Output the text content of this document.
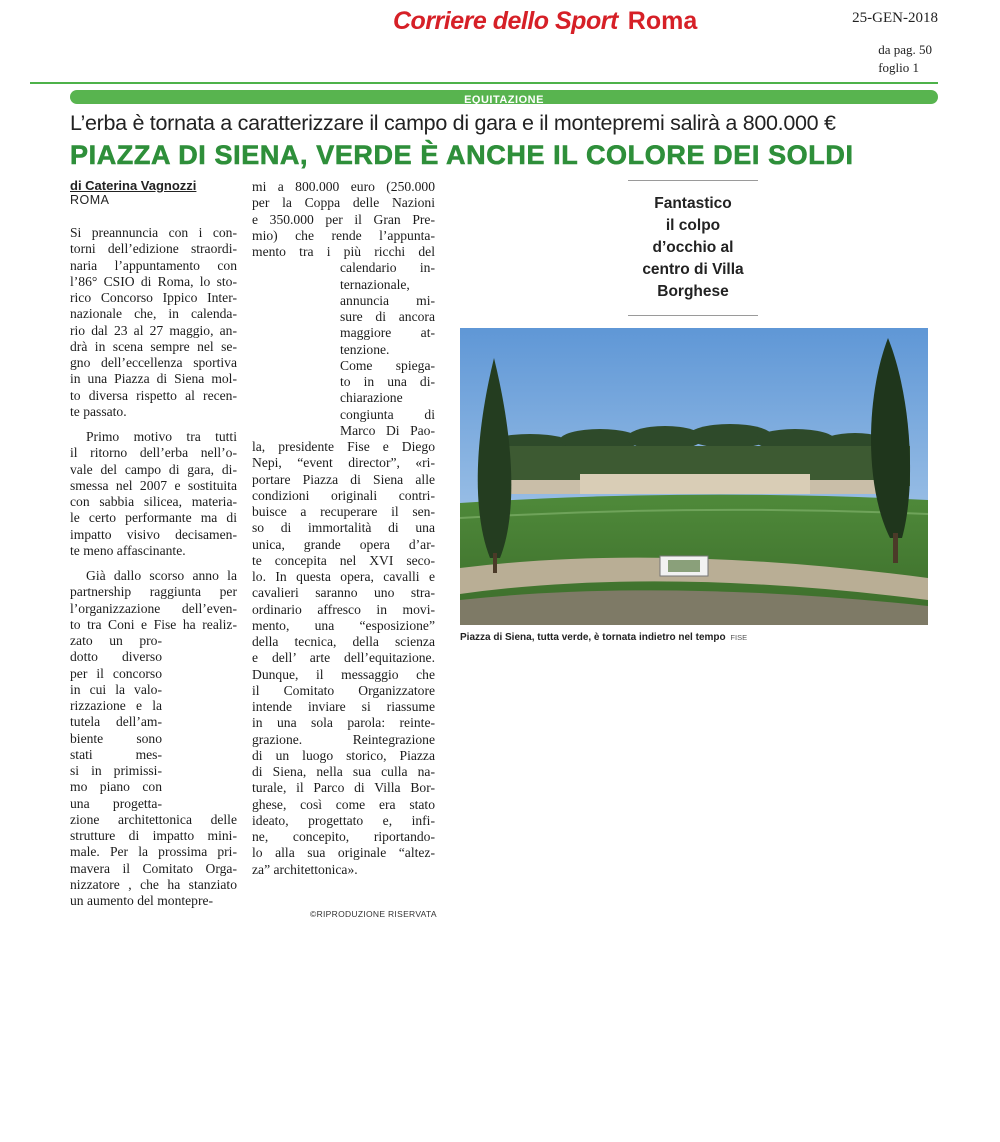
Corriere dello Sport Roma	25-GEN-2018
da pag. 50
foglio 1
EQUITAZIONE
L’erba è tornata a caratterizzare il campo di gara e il montepremi salirà a 800.000 €
PIAZZA DI SIENA, VERDE È ANCHE IL COLORE DEI SOLDI
di Caterina Vagnozzi
ROMA

Si preannuncia con i con-

torni dell’edizione straordi-

naria l’appuntamento con

l’86° CSIO di Roma, lo sto-

rico Concorso Ippico Inter-

nazionale che, in calenda-

rio dal 23 al 27 maggio, an-

drà in scena sempre nel se-

gno dell’eccellenza sportiva

in una Piazza di Siena mol-

to diversa rispetto al recen-

te passato.

Primo motivo tra tutti

il ritorno dell’erba nell’o-

vale del campo di gara, di-

smessa nel 2007 e sostituita

con sabbia silicea, materia-

le certo performante ma di

impatto visivo decisamen-

te meno affascinante.

Già dallo scorso anno la

partnership raggiunta per

l’organizzazione dell’even-

to tra Coni e Fise ha realiz-

zato un pro-

dotto diverso

per il concorso

in cui la valo-

rizzazione e la

tutela dell’am-

biente sono

stati mes-

si in primissi-

mo piano con

una progetta-

zione architettonica delle

strutture di impatto mini-

male. Per la prossima pri-

mavera il Comitato Orga-

nizzatore , che ha stanziato

un aumento del montepre-

mi a 800.000 euro (250.000

per la Coppa delle Nazioni

e 350.000 per il Gran Pre-

mio) che rende l’appunta-

mento tra i più ricchi del

calendario in-

ternazionale,

annuncia mi-

sure di ancora

maggiore at-

tenzione.

Come spiega-

to in una di-

chiarazione

congiunta di

Marco Di Pao-

la, presidente Fise e Diego

Nepi, “event director”, «ri-

portare Piazza di Siena alle

condizioni originali contri-

buisce a recuperare il sen-

so di immortalità di una

unica, grande opera d’ar-

te concepita nel XVI seco-

lo. In questa opera, cavalli e

cavalieri saranno uno stra-

ordinario affresco in movi-

mento, una “esposizione”

della tecnica, della scienza

e dell’ arte dell’equitazione.

Dunque, il messaggio che

il Comitato Organizzatore

intende inviare si riassume

in una sola parola: reinte-

grazione. Reintegrazione

di un luogo storico, Piazza

di Siena, nella sua culla na-

turale, il Parco di Villa Bor-

ghese, così come era stato

ideato, progettato e, infi-

ne, concepito, riportando-

lo alla sua originale “altez-

za” architettonica».

©RIPRODUZIONE RISERVATA
Fantastico
il colpo
d’occhio al
centro di Villa
Borghese
Piazza di Siena, tutta verde, è tornata indietro nel tempo FISE
